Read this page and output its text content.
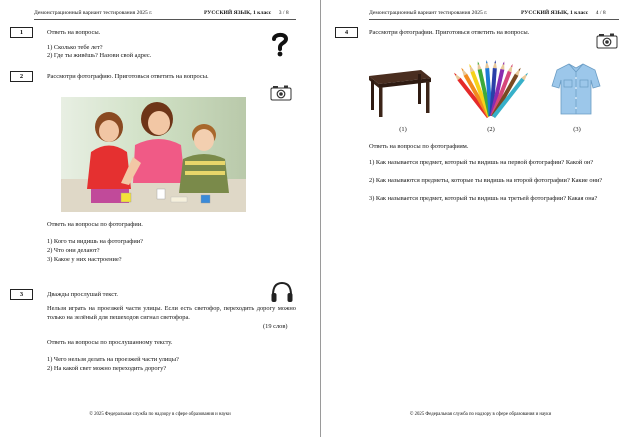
Демонстрационный вариант тестирования 2025 г.	РУССКИЙ ЯЗЫК, 1 класс 3 / 8
1	Ответь на вопросы.
1) Сколько тебе лет?
2) Где ты живёшь? Назови свой адрес.
2	Рассмотри фотографию. Приготовься ответить на вопросы.
Ответь на вопросы по фотографии.
1) Кого ты видишь на фотографии?
2) Что они делают?
3) Какое у них настроение?
3	Дважды прослушай текст.
Нельзя играть на проезжей части улицы. Если есть светофор, переходить дорогу можно только на зелёный для пешеходов сигнал светофора.
(19 слов)
Ответь на вопросы по прослушанному тексту.
1) Чего нельзя делать на проезжей части улицы?
2) На какой свет можно переходить дорогу?
© 2025 Федеральная служба по надзору в сфере образования и науки
Демонстрационный вариант тестирования 2025 г.	РУССКИЙ ЯЗЫК, 1 класс 4 / 8
4	Рассмотри фотографии. Приготовься ответить на вопросы.
(1)	(2)	(3)
Ответь на вопросы по фотографиям.
1) Как называется предмет, который ты видишь на первой фотографии? Какой он?
2) Как называются предметы, которые ты видишь на второй фотографии? Какие они?
3) Как называется предмет, который ты видишь на третьей фотографии? Какая она?
© 2025 Федеральная служба по надзору в сфере образования и науки
